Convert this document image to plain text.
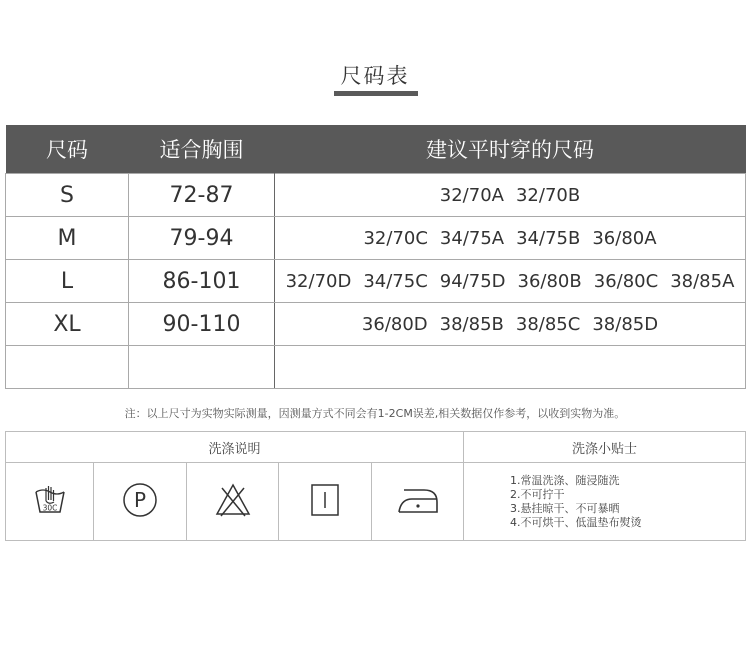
尺码表
尺码	适合胸围	建议平时穿的尺码
S	72-87	32/70A 32/70B
M	79-94	32/70C 34/75A 34/75B 36/80A
L	86-101	32/70D 34/75C 94/75D 36/80B 36/80C 38/85A
XL	90-110	36/80D 38/85B 38/85C 38/85D

注：以上尺寸为实物实际测量，因测量方式不同会有1-2CM误差,相关数据仅作参考，以收到实物为准。
洗涤说明					洗涤小贴士

30C	P				1.常温洗涤、随浸随洗
2.不可拧干
3.悬挂晾干、不可暴晒
4.不可烘干、低温垫布熨烫
